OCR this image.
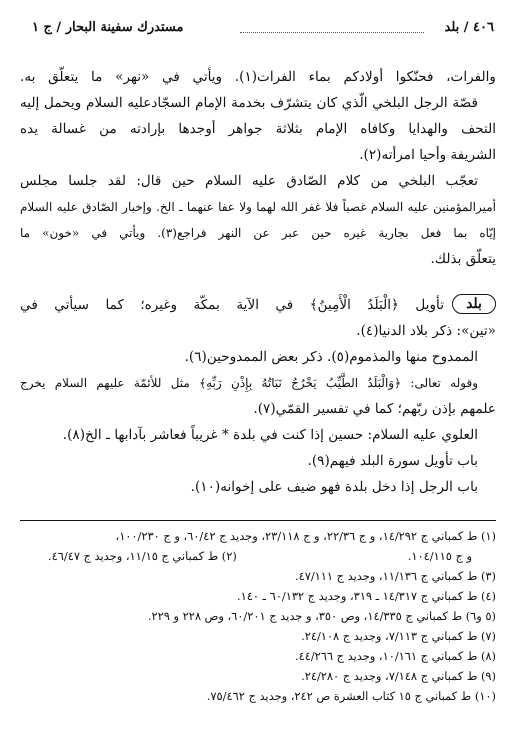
٤٠٦ / بلد
مستدرك سفينة البحار / ج ١
والفرات، فحنّكوا أولادكم بماء الفرات(١). ويأتي في «نهر» ما يتعلّق به.
قصّة الرجل البلخي الّذي كان يتشرّف بخدمة الإمام السجّادعليه السلام ويحمل إليه
التحف والهدايا وكافاه الإمام بثلاثة جواهر أوجدها بإرادته من غسالة يده
الشريفة وأحيا امرأته(٢).
تعجّب البلخي من كلام الصّادق عليه السلام حين قال: لقد جلسا مجلس
أميرالمؤمنين عليه السلام غصباً فلا غفر الله لهما ولا عفا عنهما ـ الخ. وإخبار الصّادق عليه السلام
إيّاه بما فعل بجارية غيره حين عبر عن النهر فراجع(٣). ويأتي في «خون» ما
يتعلّق بذلك.
بلد
تأويل ﴿الْبَلَدُ الْأَمِينُ﴾ في الآية بمكّة وغيره؛ كما سيأتي في
«تين»: ذكر بلاد الدنيا(٤).
الممدوح منها والمذموم(٥). ذكر بعض الممدوحين(٦).
وقوله تعالى: ﴿وَالْبَلَدُ الطَّيِّبُ يَخْرُجُ نَبَاتُهُ بِإِذْنِ رَبِّهِ﴾ مثل للأئمّة عليهم السلام يخرج
علمهم بإذن ربّهم؛ كما في تفسير القمّي(٧).
العلوي عليه السلام: حسين إذا كنت في بلدة * غريباً فعاشر بآدابها ـ الخ(٨).
باب تأويل سورة البلد فيهم(٩).
باب الرجل إذا دخل بلدة فهو ضيف على إخوانه(١٠).
(١) ط كمباني ج ١٤/٢٩٢، و ج ٢٢/٣٦، و ج ٢٣/١١٨، وجديد ج ٦٠/٤٢، و ج ١٠٠/٢٣٠،
و ج ١٠٤/١١٥.
(٢) ط كمباني ج ١١/١٥، وجديد ج ٤٦/٤٧.
(٣) ط كمباني ج ١١/١٣٦، وجديد ج ٤٧/١١١.
(٤) ط كمباني ج ١٤/٣١٧ ـ ٣١٩، وجديد ج ٦٠/١٣٢ ـ ١٤٠.
(٥ و٦) ط كمباني ج ١٤/٣٣٥، وص ٣٥٠، و جديد ج ٦٠/٢٠١، وص ٢٢٨ و ٢٢٩.
(٧) ط كمباني ج ٧/١١٣، وجديد ج ٢٤/١٠٨.
(٨) ط كمباني ج ١٠/١٦١، وجديد ج ٤٤/٢٦٦.
(٩) ط كمباني ج ٧/١٤٨، وجديد ج ٢٤/٢٨٠.
(١٠) ط كمباني ج ١٥ كتاب العشرة ص ٢٤٢، وجديد ج ٧٥/٤٦٢.
